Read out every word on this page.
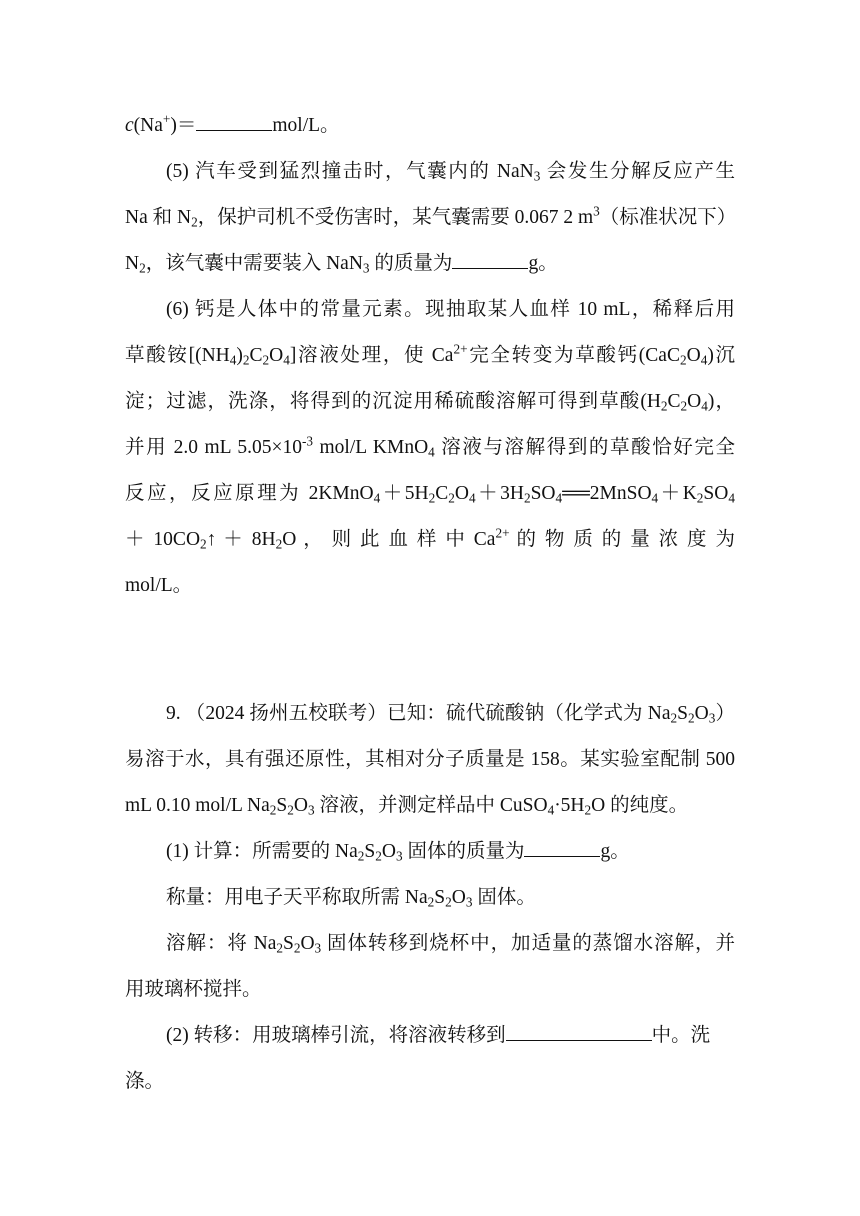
c(Na+)＝	mol/L。
(5) 汽车受到猛烈撞击时，气囊内的 NaN$_3$ 会发生分解反应产生
Na 和 $N_2$，保护司机不受伤害时，某气囊需要 0.067 2 $m^3$（标准状况下）
$N_2$，该气囊中需要装入 NaN$_3$ 的质量为	g。
(6) 钙是人体中的常量元素。现抽取某人血样 10 mL，稀释后用
草酸铵$[(NH_4)_2C_2O_4]$溶液处理，使 $Ca^{2+}$完全转变为草酸钙$(CaC_2O_4)$沉
淀；过滤，洗涤，将得到的沉淀用稀硫酸溶解可得到草酸$(H_2C_2O_4)$，
并用 2.0 mL $5.05\times 10^{-3}$ mol/L KMnO$_4$ 溶液与溶解得到的草酸恰好完全
反应，反应原理为 $2KMnO_4+5H_2C_2O_4+3H_2SO_4══2MnSO_4+K_2SO_4$
＋ $10CO_2↑ + 8H_2O$ ， 则 此 血 样 中 $Ca^{2+}$ 的 物 质 的 量 浓 度 为
mol/L。
9. （2024 扬州五校联考）已知：硫代硫酸钠（化学式为 $Na_2S_2O_3$）
易溶于水，具有强还原性，其相对分子质量是 158。某实验室配制 500
mL 0.10 mol/L $Na_2S_2O_3$ 溶液，并测定样品中 $CuSO_4\cdot 5H_2O$ 的纯度。
(1) 计算：所需要的 $Na_2S_2O_3$ 固体的质量为	g。
称量：用电子天平称取所需 $Na_2S_2O_3$ 固体。
溶解：将 $Na_2S_2O_3$ 固体转移到烧杯中，加适量的蒸馏水溶解，并
用玻璃杯搅拌。
(2) 转移：用玻璃棒引流，将溶液转移到	中。洗
涤。
